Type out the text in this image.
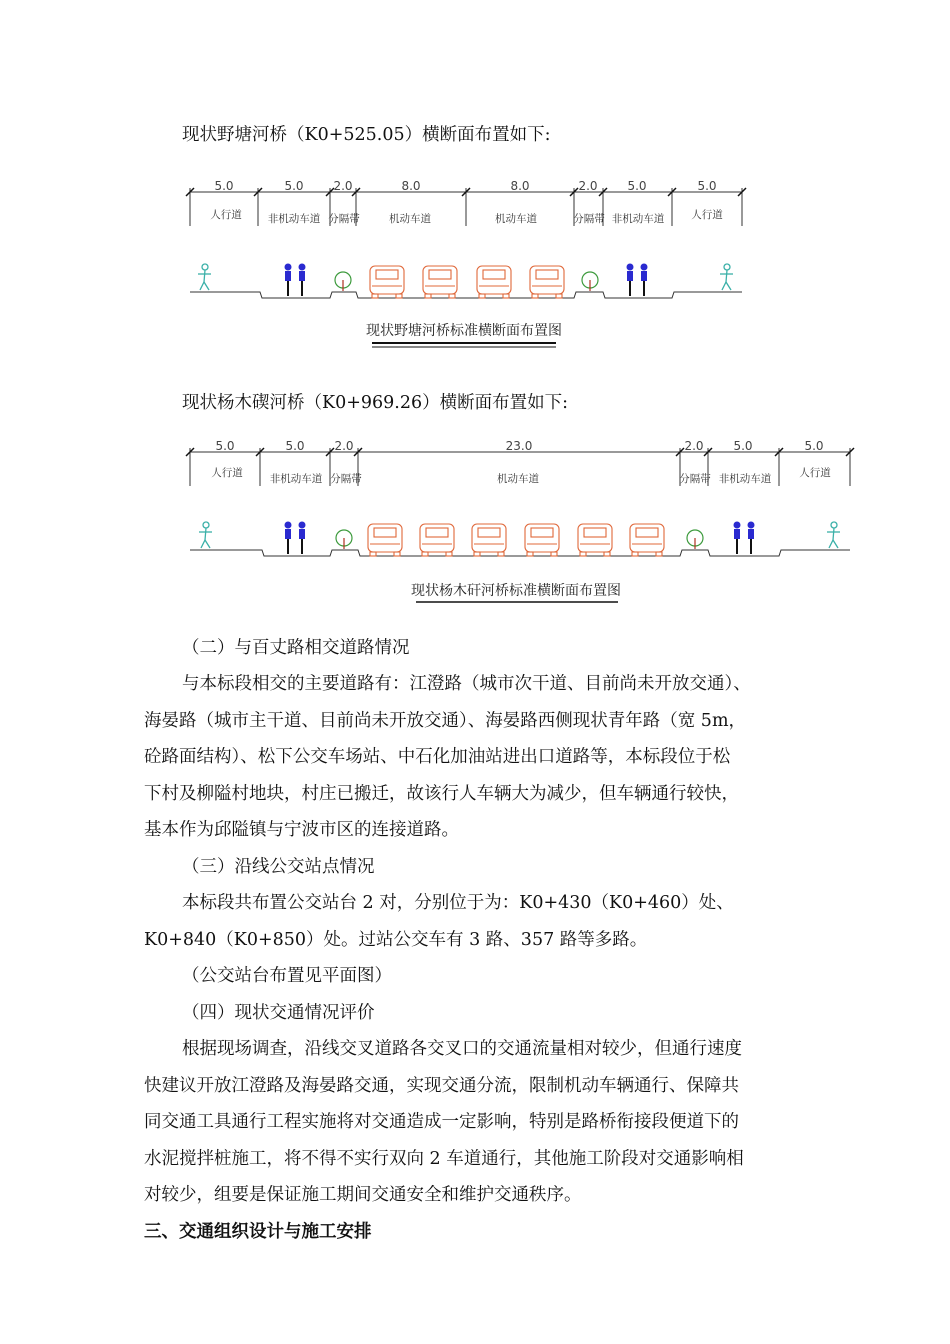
现状野塘河桥（K0+525.05）横断面布置如下:
5.0	5.0 2.0	8.0	8.0	2.0 5.0	5.0
人行道 非机动车道 分隔带	机动车道	机动车道	分隔带 非机动车道	人行道
现状野塘河桥标准横断面布置图
现状杨木碶河桥（K0+969.26）横断面布置如下:
5.0	5.0 2.0	23.0	2.0 5.0	5.0
人行道	非机动车道 分隔带	机动车道	分隔带 非机动车道	人行道
现状杨木矸河桥标准横断面布置图
（二）与百丈路相交道路情况
与本标段相交的主要道路有：江澄路（城市次干道、目前尚未开放交通）、
海晏路（城市主干道、目前尚未开放交通）、海晏路西侧现状青年路（宽 5m，
砼路面结构）、松下公交车场站、中石化加油站进出口道路等，本标段位于松
下村及柳隘村地块，村庄已搬迁，故该行人车辆大为减少，但车辆通行较快，
基本作为邱隘镇与宁波市区的连接道路。
（三）沿线公交站点情况
本标段共布置公交站台 2 对，分别位于为：K0+430（K0+460）处、
K0+840（K0+850）处。过站公交车有 3 路、357 路等多路。
（公交站台布置见平面图）
（四）现状交通情况评价
根据现场调查，沿线交叉道路各交叉口的交通流量相对较少，但通行速度
快建议开放江澄路及海晏路交通，实现交通分流，限制机动车辆通行、保障共
同交通工具通行工程实施将对交通造成一定影响，特别是路桥衔接段便道下的
水泥搅拌桩施工，将不得不实行双向 2 车道通行，其他施工阶段对交通影响相
对较少，组要是保证施工期间交通安全和维护交通秩序。
三、交通组织设计与施工安排
